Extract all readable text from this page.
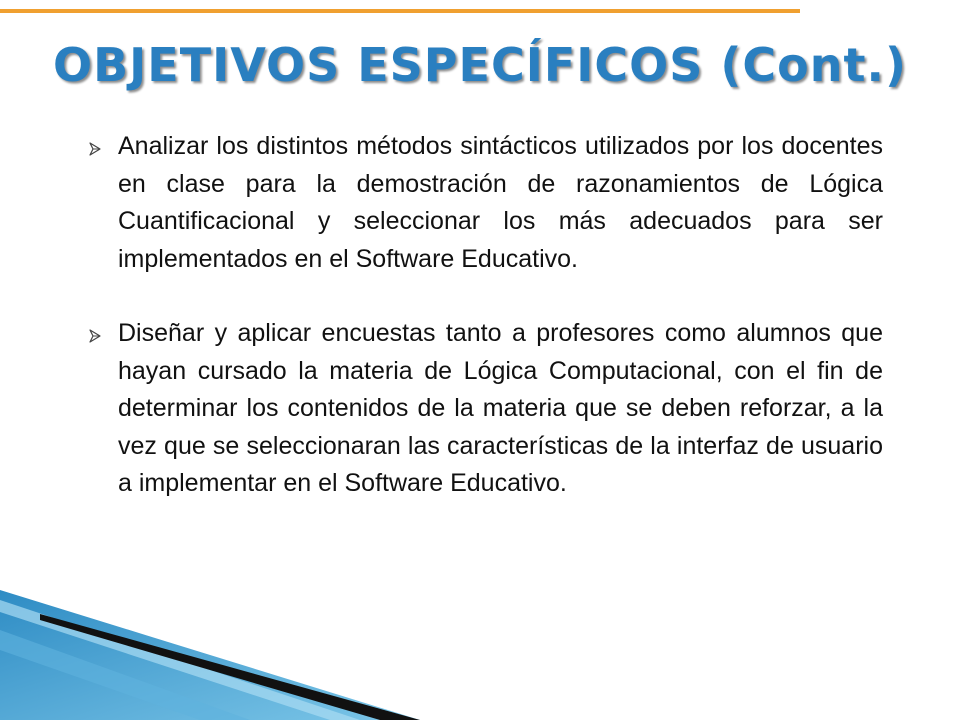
OBJETIVOS ESPECÍFICOS (Cont.)
Analizar los distintos métodos sintácticos utilizados por los docentes en clase para la demostración de razonamientos de Lógica Cuantificacional y seleccionar los más adecuados para ser implementados en el Software Educativo.
Diseñar y aplicar encuestas tanto a profesores como alumnos que hayan cursado la materia de Lógica Computacional, con el fin de determinar los contenidos de la materia que se deben reforzar, a la vez que se seleccionaran las características de la interfaz de usuario a implementar en el Software Educativo.
